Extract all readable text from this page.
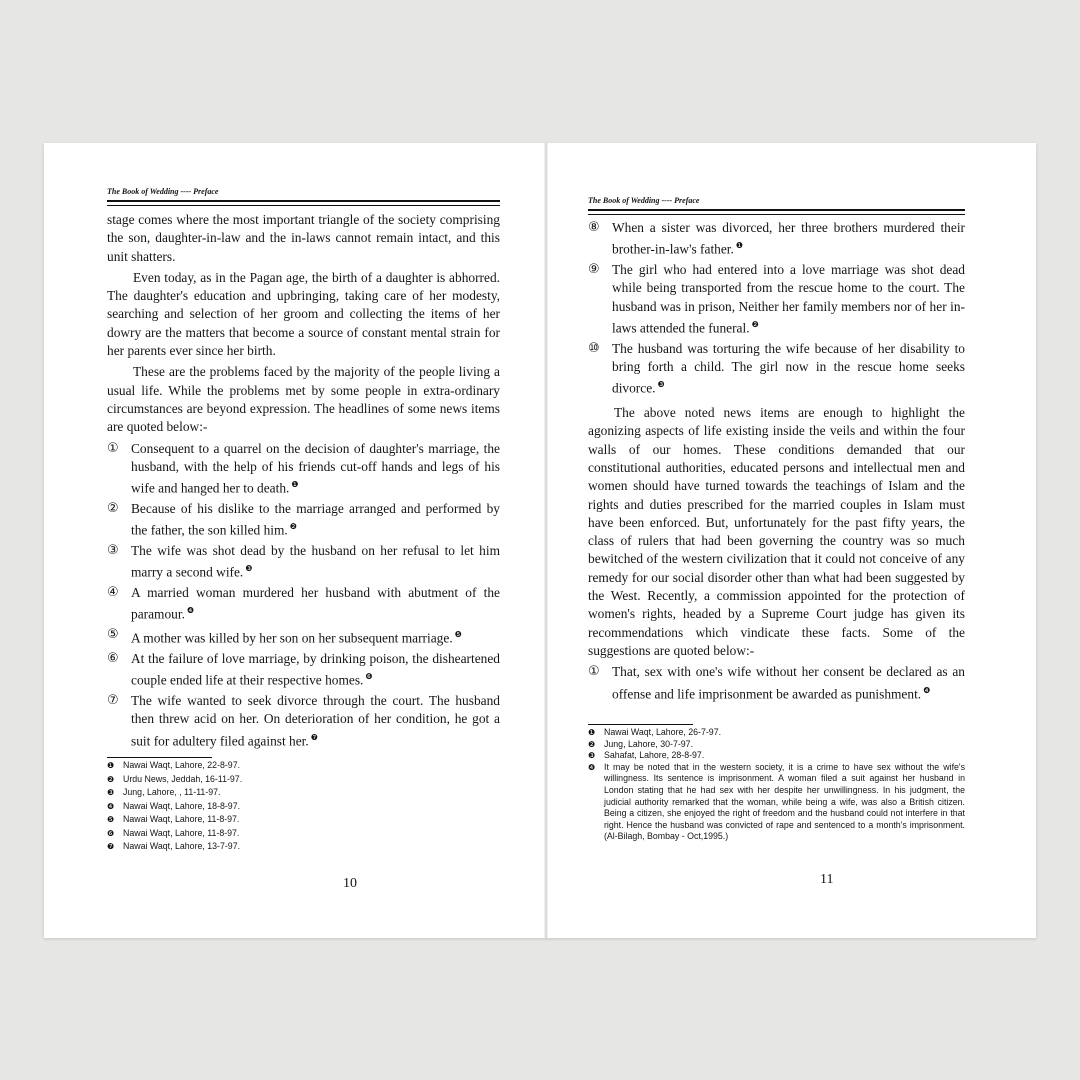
The Book of Wedding ---- Preface

stage comes where the most important triangle of the society comprising the son, daughter-in-law and the in-laws cannot remain intact, and this unit shatters.

Even today, as in the Pagan age, the birth of a daughter is abhorred. The daughter's education and upbringing, taking care of her modesty, searching and selection of her groom and collecting the items of her dowry are the matters that become a source of constant mental strain for her parents ever since her birth.

These are the problems faced by the majority of the people living a usual life. While the problems met by some people in extra-ordinary circumstances are beyond expression. The headlines of some news items are quoted below:-

① Consequent to a quarrel on the decision of daughter's marriage, the husband, with the help of his friends cut-off hands and legs of his wife and hanged her to death. $^❶$
② Because of his dislike to the marriage arranged and performed by the father, the son killed him. $^❷$
③ The wife was shot dead by the husband on her refusal to let him marry a second wife. $^❸$
④ A married woman murdered her husband with abutment of the paramour. $^❹$
⑤ A mother was killed by her son on her subsequent marriage. $^❺$
⑥ At the failure of love marriage, by drinking poison, the disheartened couple ended life at their respective homes. $^❻$
⑦ The wife wanted to seek divorce through the court. The husband then threw acid on her. On deterioration of her condition, he got a suit for adultery filed against her. $^❼$
❶	Nawai Waqt, Lahore, 22-8-97.
❷	Urdu News, Jeddah, 16-11-97.
❸	Jung, Lahore, , 11-11-97.
❹	Nawai Waqt, Lahore, 18-8-97.
❺	Nawai Waqt, Lahore, 11-8-97.
❻	Nawai Waqt, Lahore, 11-8-97.
❼	Nawai Waqt, Lahore, 13-7-97.
10
The Book of Wedding ---- Preface
⑧ When a sister was divorced, her three brothers murdered their brother-in-law's father. $^❶$
⑨ The girl who had entered into a love marriage was shot dead while being transported from the rescue home to the court. The husband was in prison, Neither her family members nor of her in-laws attended the funeral. $^❷$
⑩ The husband was torturing the wife because of her disability to bring forth a child. The girl now in the rescue home seeks divorce. $^❸$

The above noted news items are enough to highlight the agonizing aspects of life existing inside the veils and within the four walls of our homes. These conditions demanded that our constitutional authorities, educated persons and intellectual men and women should have turned towards the teachings of Islam and the rights and duties prescribed for the married couples in Islam must have been enforced. But, unfortunately for the past fifty years, the class of rulers that had been governing the country was so much bewitched of the western civilization that it could not conceive of any remedy for our social disorder other than what had been suggested by the West. Recently, a commission appointed for the protection of women's rights, headed by a Supreme Court judge has given its recommendations which vindicate these facts. Some of the suggestions are quoted below:-

① That, sex with one's wife without her consent be declared as an offense and life imprisonment be awarded as punishment. $^❹$
❶	Nawai Waqt, Lahore, 26-7-97.
❷	Jung, Lahore, 30-7-97.
❸	Sahafat, Lahore, 28-8-97.
❹	It may be noted that in the western society, it is a crime to have sex without the wife's willingness. Its sentence is imprisonment. A woman filed a suit against her husband in London stating that he had sex with her despite her unwillingness. In his judgment, the judicial authority remarked that the woman, while being a wife, was also a British citizen. Being a citizen, she enjoyed the right of freedom and the husband could not interfere in that right. Hence the husband was convicted of rape and sentenced to a month's imprisonment. (Al-Bilagh, Bombay - Oct,1995.)
11
